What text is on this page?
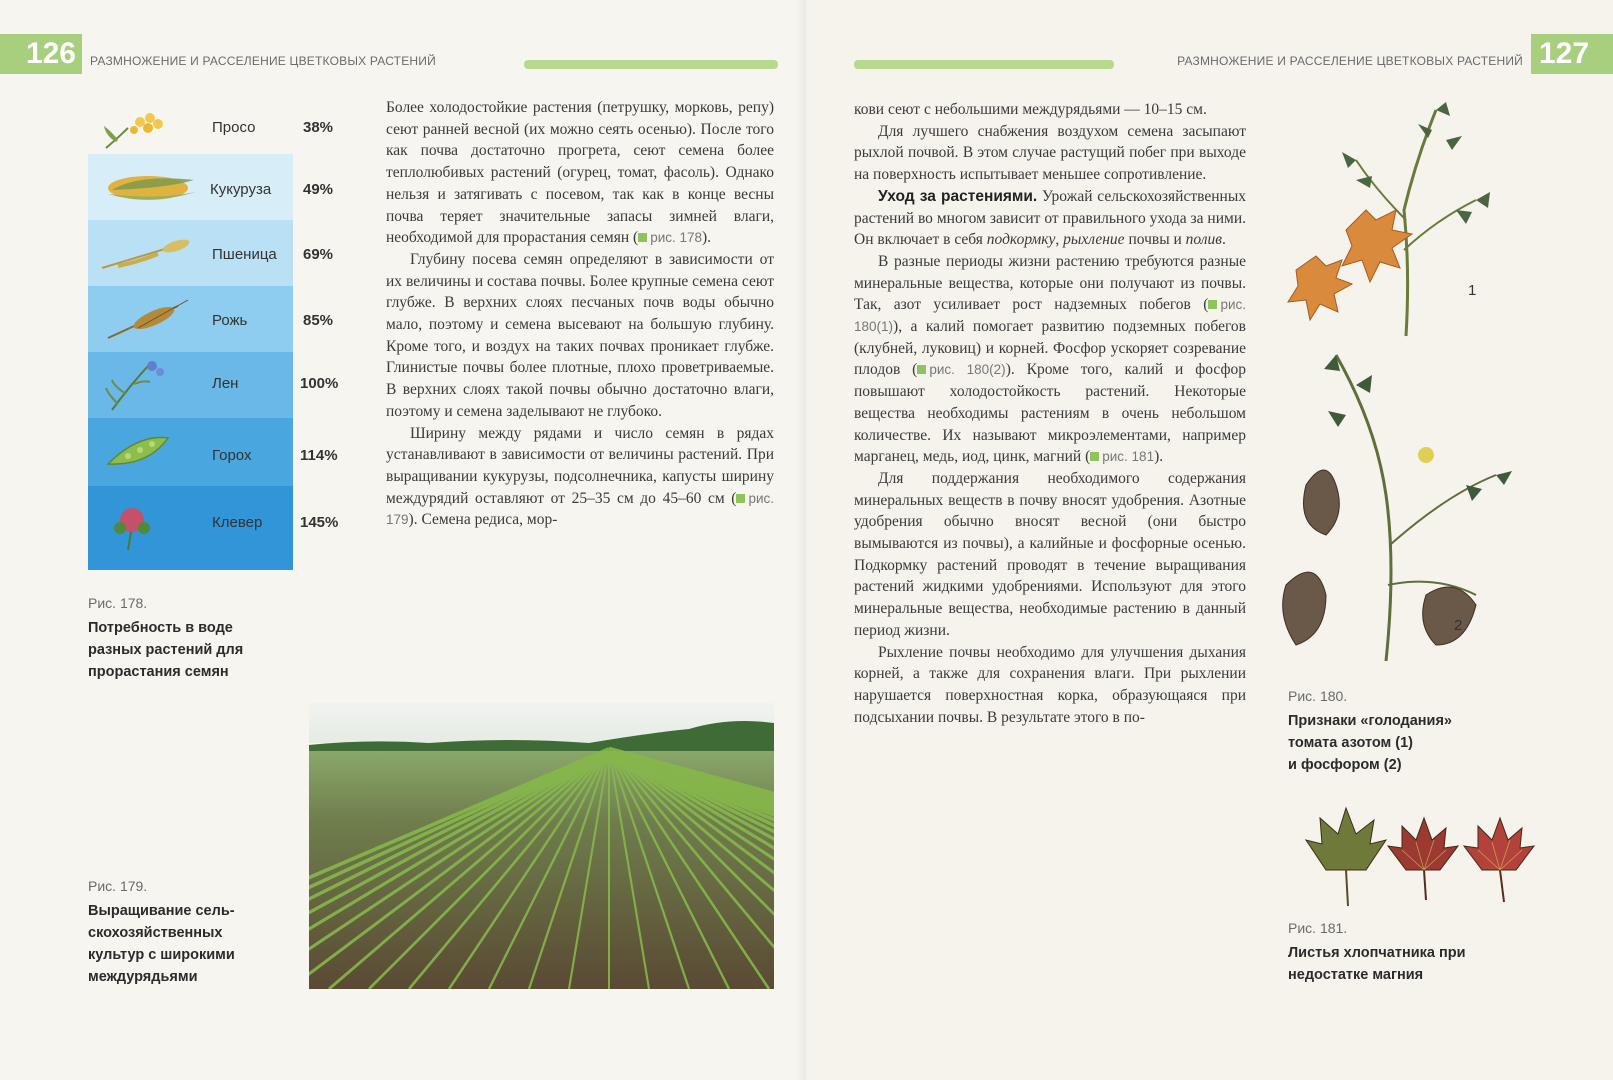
126	РАЗМНОЖЕНИЕ И РАССЕЛЕНИЕ ЦВЕТКОВЫХ РАСТЕНИЙ
Просо	38%
Кукуруза 49%
Пшеница 69%
Рожь	85%
Лен	100%
Горох	114%
Клевер	145%
Рис. 178.
Потребность в воде
разных растений для
прорастания семян

Более холодостойкие растения (петрушку, морковь, репу) сеют ранней весной (их можно сеять осенью). После того как почва достаточно прогрета, сеют семена более теплолюбивых растений (огурец, томат, фасоль). Однако нельзя и затягивать с посевом, так как в конце весны почва теряет значительные запасы зимней влаги, необходимой для прорастания семян ( рис. 178).

Глубину посева семян определяют в зависимости от их величины и состава почвы. Более крупные семена сеют глубже. В верхних слоях песчаных почв воды обычно мало, поэтому и семена высевают на большую глубину. Кроме того, и воздух на таких почвах проникает глубже. Глинистые почвы более плотные, плохо проветриваемые. В верхних слоях такой почвы обычно достаточно влаги, поэтому и семена заделывают не глубоко.

Ширину между рядами и число семян в рядах устанавливают в зависимости от величины растений. При выращивании кукурузы, подсолнечника, капусты ширину междурядий оставляют от 25–35 см до 45–60 см ( рис. 179). Семена редиса, мор-

Рис. 179.
Выращивание сель-
скохозяйственных
культур с широкими
междурядьями
127
РАЗМНОЖЕНИЕ И РАССЕЛЕНИЕ ЦВЕТКОВЫХ РАСТЕНИЙ

кови сеют с небольшими междурядьями — 10–15 см.

Для лучшего снабжения воздухом семена засыпают рыхлой почвой. В этом случае растущий побег при выходе на поверхность испытывает меньшее сопротивление.

Уход за растениями. Урожай сельскохозяйственных растений во многом зависит от правильного ухода за ними. Он включает в себя подкормку, рыхление почвы и полив.

В разные периоды жизни растению требуются разные минеральные вещества, которые они получают из почвы. Так, азот усиливает рост надземных побегов ( рис. 180(1)), а калий помогает развитию подземных побегов (клубней, луковиц) и корней. Фосфор ускоряет созревание плодов ( рис. 180(2)). Кроме того, калий и фосфор повышают холодостойкость растений. Некоторые вещества необходимы растениям в очень небольшом количестве. Их называют микроэлементами, например марганец, медь, иод, цинк, магний ( рис. 181).

Для поддержания необходимого содержания минеральных веществ в почву вносят удобрения. Азотные удобрения обычно вносят весной (они быстро вымываются из почвы), а калийные и фосфорные осенью. Подкормку растений проводят в течение выращивания растений жидкими удобрениями. Используют для этого минеральные вещества, необходимые растению в данный период жизни.

Рыхление почвы необходимо для улучшения дыхания корней, а также для сохранения влаги. При рыхлении нарушается поверхностная корка, образующаяся при подсыхании почвы. В результате этого в по-

1
2
Рис. 180.
Признаки «голодания»
томата азотом (1)
и фосфором (2)
Рис. 181.
Листья хлопчатника при
недостатке магния
